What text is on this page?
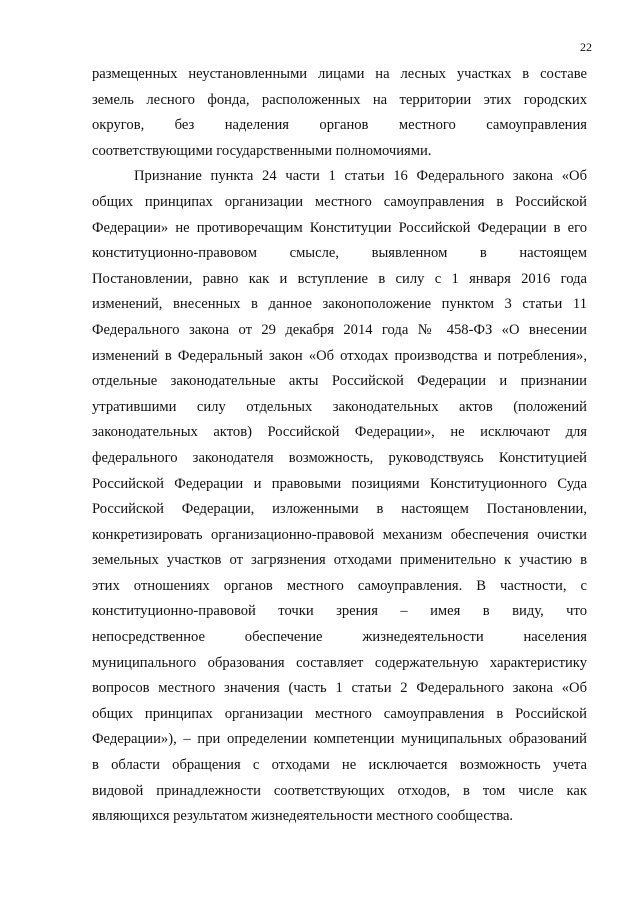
22
размещенных неустановленными лицами на лесных участках в составе
земель лесного фонда, расположенных на территории этих городских
округов, без наделения органов местного самоуправления
соответствующими государственными полномочиями.
Признание пункта 24 части 1 статьи 16 Федерального закона «Об
общих принципах организации местного самоуправления в Российской
Федерации» не противоречащим Конституции Российской Федерации в его
конституционно-правовом смысле, выявленном в настоящем
Постановлении, равно как и вступление в силу с 1 января 2016 года
изменений, внесенных в данное законоположение пунктом 3 статьи 11
Федерального закона от 29 декабря 2014 года № 458-ФЗ «О внесении
изменений в Федеральный закон «Об отходах производства и потребления»,
отдельные законодательные акты Российской Федерации и признании
утратившими силу отдельных законодательных актов (положений
законодательных актов) Российской Федерации», не исключают для
федерального законодателя возможность, руководствуясь Конституцией
Российской Федерации и правовыми позициями Конституционного Суда
Российской Федерации, изложенными в настоящем Постановлении,
конкретизировать организационно-правовой механизм обеспечения очистки
земельных участков от загрязнения отходами применительно к участию в
этих отношениях органов местного самоуправления. В частности, с
конституционно-правовой точки зрения – имея в виду, что
непосредственное обеспечение жизнедеятельности населения
муниципального образования составляет содержательную характеристику
вопросов местного значения (часть 1 статьи 2 Федерального закона «Об
общих принципах организации местного самоуправления в Российской
Федерации»), – при определении компетенции муниципальных образований
в области обращения с отходами не исключается возможность учета
видовой принадлежности соответствующих отходов, в том числе как
являющихся результатом жизнедеятельности местного сообщества.
